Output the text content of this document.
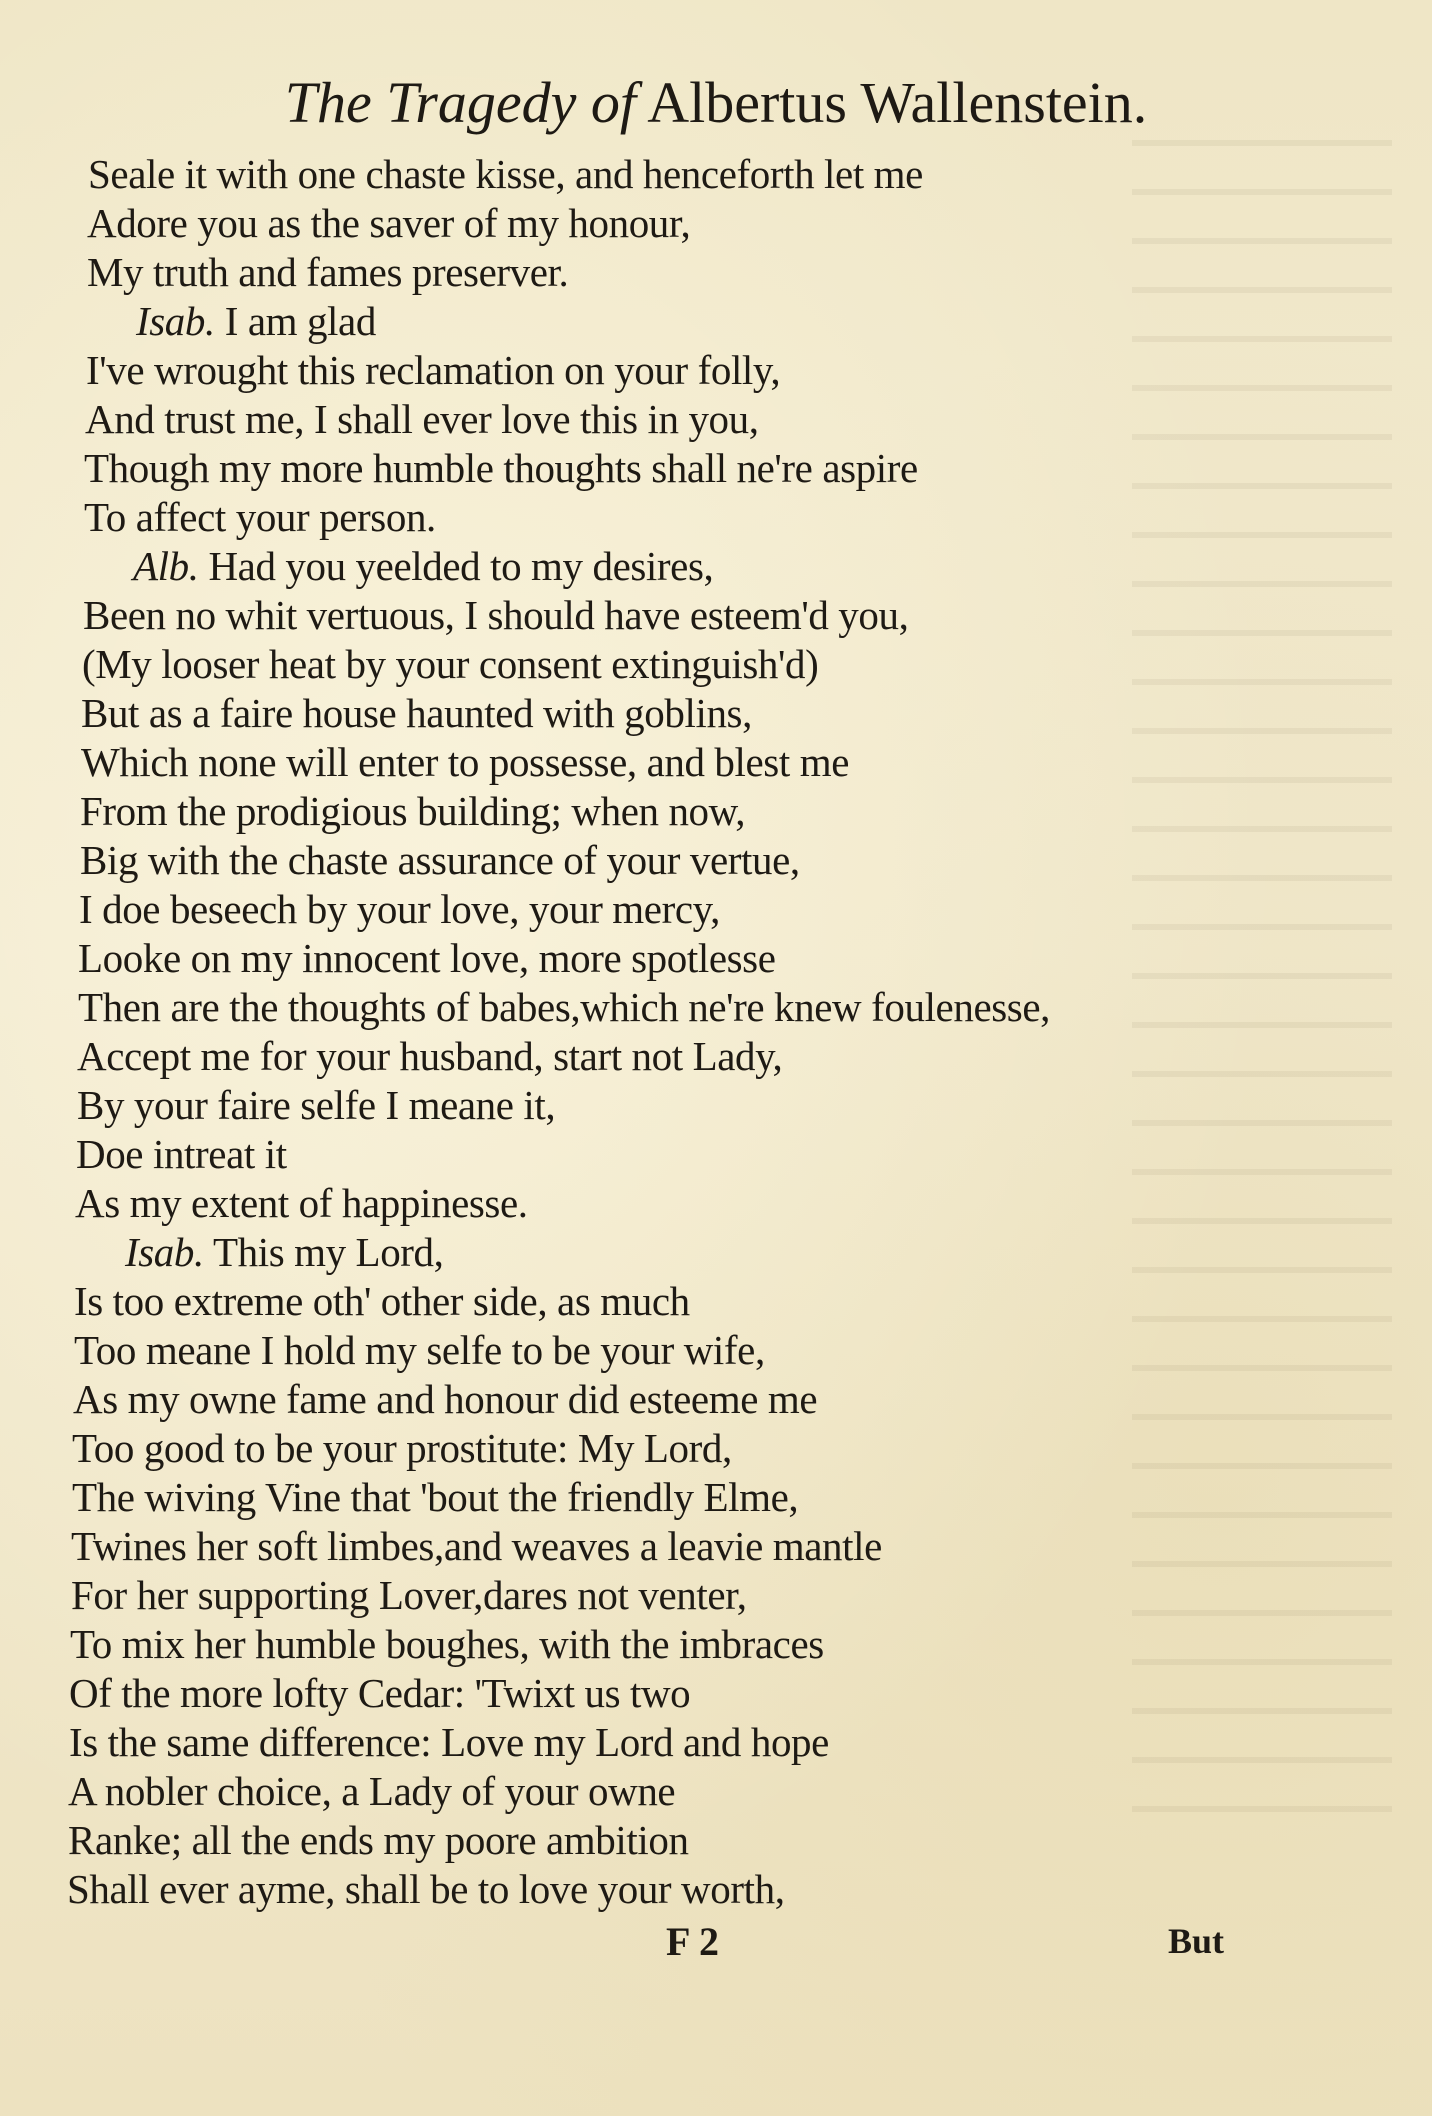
The Tragedy of Albertus Wallenstein.
Seale it with one chaste kisse, and henceforth let me
Adore you as the saver of my honour,
My truth and fames preserver.
Isab. I am glad
I've wrought this reclamation on your folly,
And trust me, I shall ever love this in you,
Though my more humble thoughts shall ne're aspire
To affect your person.
Alb. Had you yeelded to my desires,
Been no whit vertuous, I should have esteem'd you,
(My looser heat by your consent extinguish'd)
But as a faire house haunted with goblins,
Which none will enter to possesse, and blest me
From the prodigious building; when now,
Big with the chaste assurance of your vertue,
I doe beseech by your love, your mercy,
Looke on my innocent love, more spotlesse
Then are the thoughts of babes,which ne're knew foulenesse,
Accept me for your husband, start not Lady,
By your faire selfe I meane it,
Doe intreat it
As my extent of happinesse.
Isab. This my Lord,
Is too extreme oth' other side, as much
Too meane I hold my selfe to be your wife,
As my owne fame and honour did esteeme me
Too good to be your prostitute: My Lord,
The wiving Vine that 'bout the friendly Elme,
Twines her soft limbes,and weaves a leavie mantle
For her supporting Lover,dares not venter,
To mix her humble boughes, with the imbraces
Of the more lofty Cedar: 'Twixt us two
Is the same difference: Love my Lord and hope
A nobler choice, a Lady of your owne
Ranke; all the ends my poore ambition
Shall ever ayme, shall be to love your worth,
F 2	But
